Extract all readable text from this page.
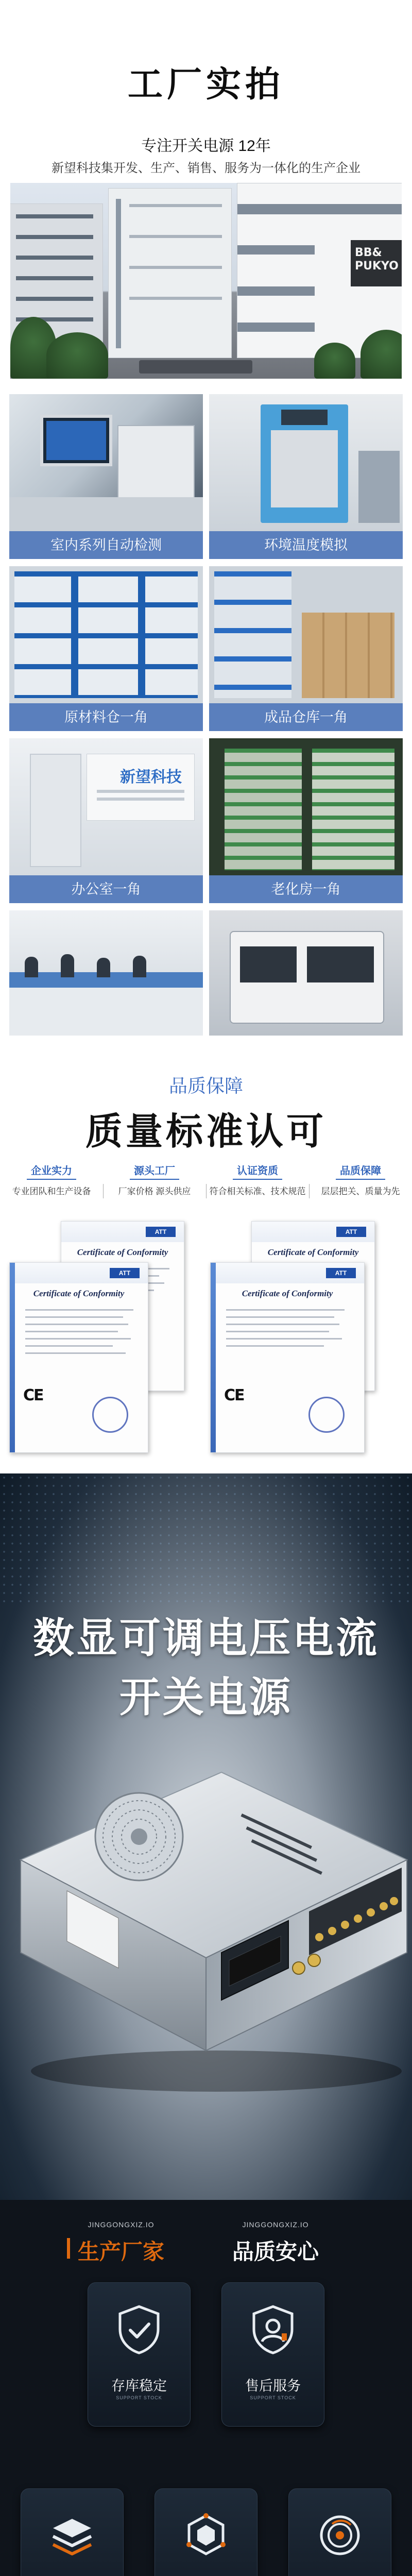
工厂实拍
专注开关电源 12年
新望科技集开发、生产、销售、服务为一体化的生产企业
BB&
PUKYO
室内系列自动检测	环境温度模拟
原材料仓一角	成品仓库一角
新望科技
办公室一角	老化房一角
品质保障
质量标准认可
企业实力
专业团队和生产设备
源头工厂
厂家价格 源头供应
认证资质
符合相关标准、技术规范
品质保障
层层把关、质量为先
ATT
Certificate of Conformity
ATT
Certificate of Conformity
CE
ATT
Certificate of Conformity
ATT
Certificate of Conformity
CE
数显可调电压电流
开关电源
JINGGONGXIZ.IO
生产厂家
JINGGONGXIZ.IO
品质安心
存库稳定
SUPPORT STOCK
售后服务
SUPPORT STOCK
